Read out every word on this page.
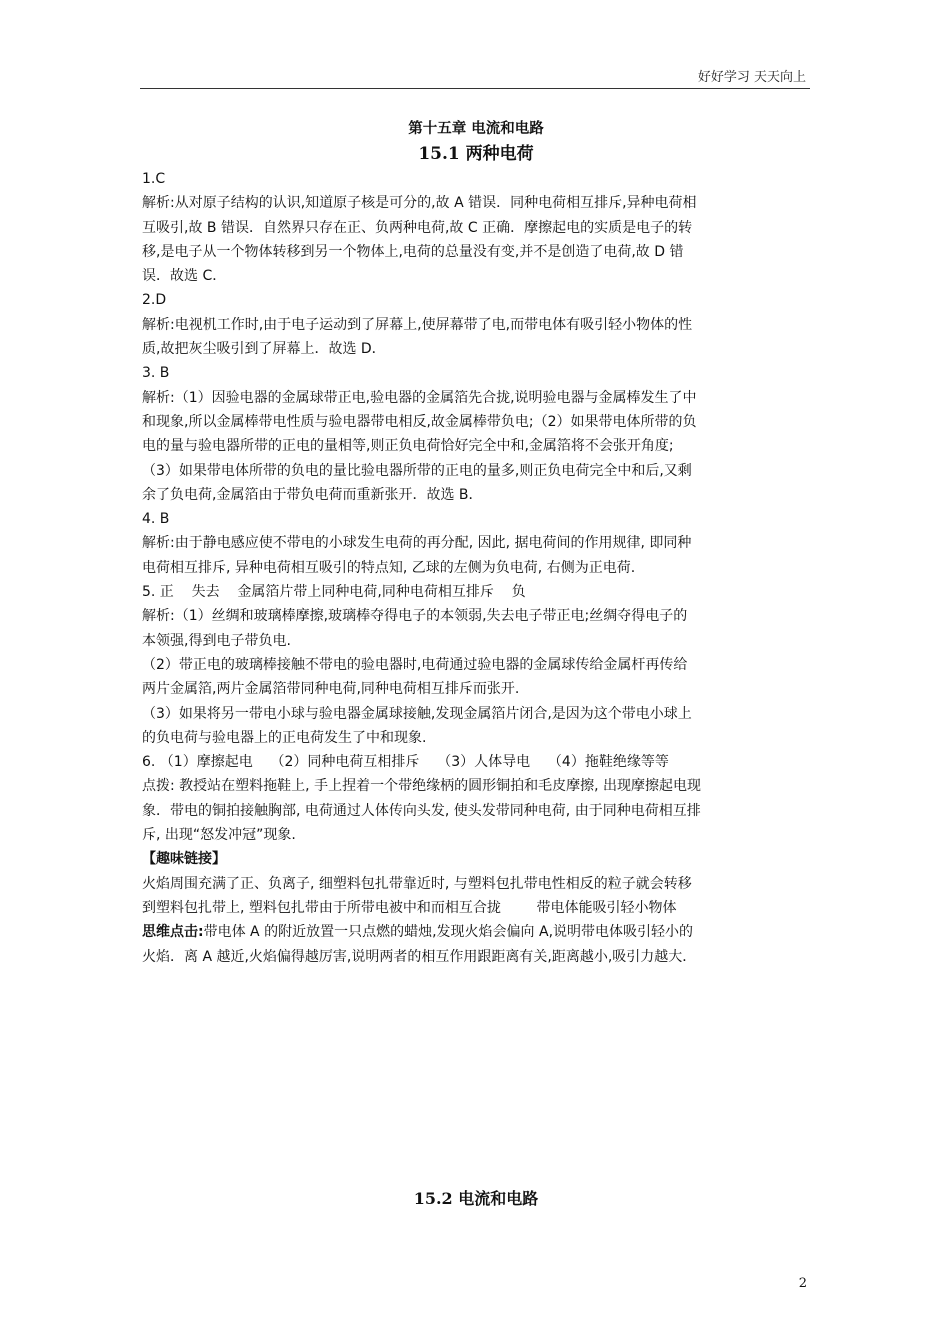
好好学习 天天向上

第十五章 电流和电路

15.1 两种电荷

1.C

解析:从对原子结构的认识,知道原子核是可分的,故 A 错误．同种电荷相互排斥,异种电荷相

互吸引,故 B 错误．自然界只存在正、负两种电荷,故 C 正确．摩擦起电的实质是电子的转

移,是电子从一个物体转移到另一个物体上,电荷的总量没有变,并不是创造了电荷,故 D 错

误．故选 C．

2.D

解析:电视机工作时,由于电子运动到了屏幕上,使屏幕带了电,而带电体有吸引轻小物体的性

质,故把灰尘吸引到了屏幕上．故选 D．

3. B

解析:（1）因验电器的金属球带正电,验电器的金属箔先合拢,说明验电器与金属棒发生了中

和现象,所以金属棒带电性质与验电器带电相反,故金属棒带负电;（2）如果带电体所带的负

电的量与验电器所带的正电的量相等,则正负电荷恰好完全中和,金属箔将不会张开角度;

（3）如果带电体所带的负电的量比验电器所带的正电的量多,则正负电荷完全中和后,又剩

余了负电荷,金属箔由于带负电荷而重新张开．故选 B．

4. B

解析:由于静电感应使不带电的小球发生电荷的再分配, 因此, 据电荷间的作用规律, 即同种

电荷相互排斥, 异种电荷相互吸引的特点知, 乙球的左侧为负电荷, 右侧为正电荷.

5. 正    失去    金属箔片带上同种电荷,同种电荷相互排斥    负

解析:（1）丝绸和玻璃棒摩擦,玻璃棒夺得电子的本领弱,失去电子带正电;丝绸夺得电子的

本领强,得到电子带负电.

（2）带正电的玻璃棒接触不带电的验电器时,电荷通过验电器的金属球传给金属杆再传给

两片金属箔,两片金属箔带同种电荷,同种电荷相互排斥而张开.

（3）如果将另一带电小球与验电器金属球接触,发现金属箔片闭合,是因为这个带电小球上

的负电荷与验电器上的正电荷发生了中和现象.

6. （1）摩擦起电    （2）同种电荷互相排斥    （3）人体导电    （4）拖鞋绝缘等等

点拨: 教授站在塑料拖鞋上, 手上捏着一个带绝缘柄的圆形铜拍和毛皮摩擦, 出现摩擦起电现

象．带电的铜拍接触胸部, 电荷通过人体传向头发, 使头发带同种电荷, 由于同种电荷相互排

斥, 出现“怒发冲冠”现象.

【趣味链接】

火焰周围充满了正、负离子, 细塑料包扎带靠近时, 与塑料包扎带电性相反的粒子就会转移

到塑料包扎带上, 塑料包扎带由于所带电被中和而相互合拢        带电体能吸引轻小物体

思维点击:带电体 A 的附近放置一只点燃的蜡烛,发现火焰会偏向 A,说明带电体吸引轻小的

火焰．离 A 越近,火焰偏得越厉害,说明两者的相互作用跟距离有关,距离越小,吸引力越大．

15.2 电流和电路
2
